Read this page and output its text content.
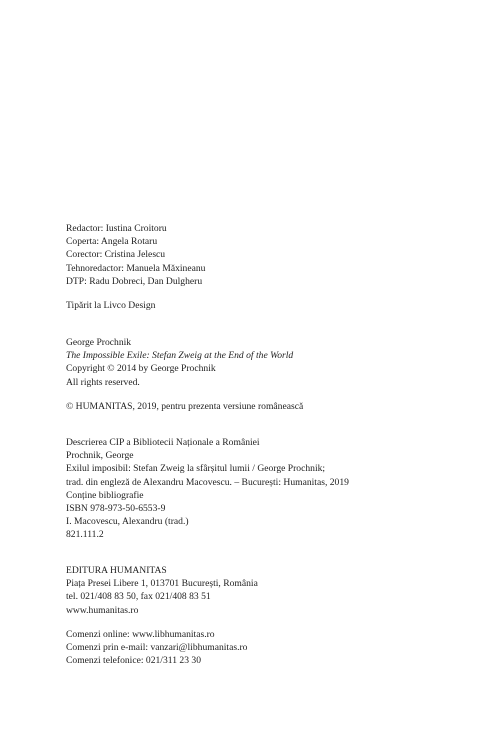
Redactor: Iustina Croitoru
Coperta: Angela Rotaru
Corector: Cristina Jelescu
Tehnoredactor: Manuela Măxineanu
DTP: Radu Dobreci, Dan Dulgheru
Tipărit la Livco Design
George Prochnik
The Impossible Exile: Stefan Zweig at the End of the World
Copyright © 2014 by George Prochnik
All rights reserved.
© HUMANITAS, 2019, pentru prezenta versiune românească
Descrierea CIP a Bibliotecii Naționale a României
Prochnik, George
Exilul imposibil: Stefan Zweig la sfârșitul lumii / George Prochnik;
trad. din engleză de Alexandru Macovescu. – București: Humanitas, 2019
Conține bibliografie
ISBN 978-973-50-6553-9
I. Macovescu, Alexandru (trad.)
821.111.2
EDITURA HUMANITAS
Piața Presei Libere 1, 013701 București, România
tel. 021/408 83 50, fax 021/408 83 51
www.humanitas.ro
Comenzi online: www.libhumanitas.ro
Comenzi prin e-mail: vanzari@libhumanitas.ro
Comenzi telefonice: 021/311 23 30
